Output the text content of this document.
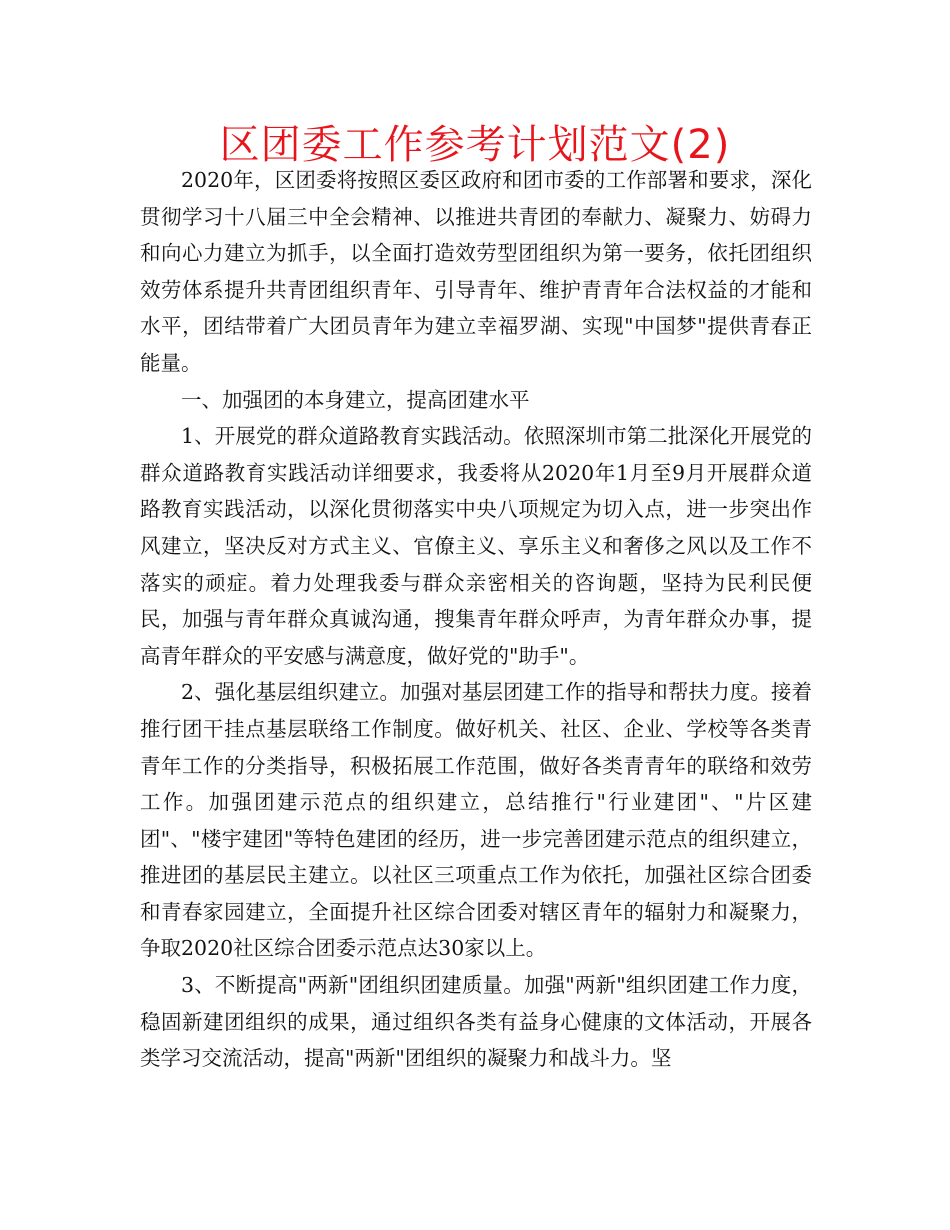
区团委工作参考计划范文(2)

2020年，区团委将按照区委区政府和团市委的工作部署和要求，深化贯彻学习十八届三中全会精神、以推进共青团的奉献力、凝聚力、妨碍力和向心力建立为抓手，以全面打造效劳型团组织为第一要务，依托团组织效劳体系提升共青团组织青年、引导青年、维护青青年合法权益的才能和水平，团结带着广大团员青年为建立幸福罗湖、实现"中国梦"提供青春正能量。

一、加强团的本身建立，提高团建水平

1、开展党的群众道路教育实践活动。依照深圳市第二批深化开展党的群众道路教育实践活动详细要求，我委将从2020年1月至9月开展群众道路教育实践活动，以深化贯彻落实中央八项规定为切入点，进一步突出作风建立，坚决反对方式主义、官僚主义、享乐主义和奢侈之风以及工作不落实的顽症。着力处理我委与群众亲密相关的咨询题，坚持为民利民便民，加强与青年群众真诚沟通，搜集青年群众呼声，为青年群众办事，提高青年群众的平安感与满意度，做好党的"助手"。

2、强化基层组织建立。加强对基层团建工作的指导和帮扶力度。接着推行团干挂点基层联络工作制度。做好机关、社区、企业、学校等各类青青年工作的分类指导，积极拓展工作范围，做好各类青青年的联络和效劳工作。加强团建示范点的组织建立，总结推行"行业建团"、"片区建团"、"楼宇建团"等特色建团的经历，进一步完善团建示范点的组织建立，推进团的基层民主建立。以社区三项重点工作为依托，加强社区综合团委和青春家园建立，全面提升社区综合团委对辖区青年的辐射力和凝聚力，争取2020社区综合团委示范点达30家以上。

3、不断提高"两新"团组织团建质量。加强"两新"组织团建工作力度，稳固新建团组织的成果，通过组织各类有益身心健康的文体活动，开展各类学习交流活动，提高"两新"团组织的凝聚力和战斗力。坚
